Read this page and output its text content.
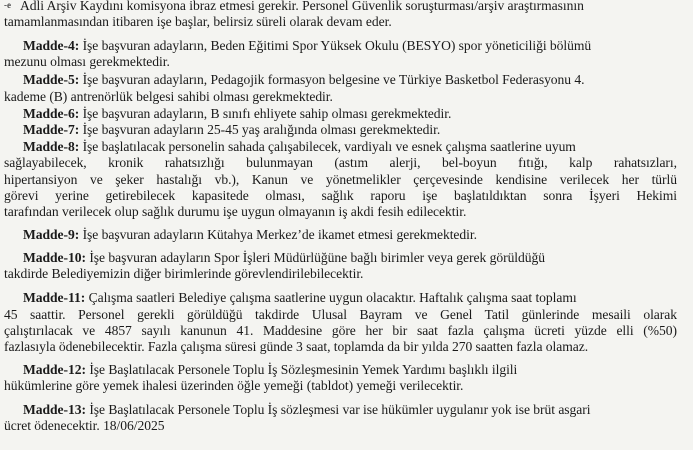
‑e Adli Arşiv Kaydını komisyona ibraz etmesi gerekir. Personel Güvenlik soruşturması/arşiv araştırmasının
tamamlanmasından itibaren işe başlar, belirsiz süreli olarak devam eder.
Madde-4: İşe başvuran adayların, Beden Eğitimi Spor Yüksek Okulu (BESYO) spor yöneticiliği bölümü
mezunu olması gerekmektedir.
Madde-5: İşe başvuran adayların, Pedagojik formasyon belgesine ve Türkiye Basketbol Federasyonu 4.
kademe (B) antrenörlük belgesi sahibi olması gerekmektedir.
Madde-6: İşe başvuran adayların, B sınıfı ehliyete sahip olması gerekmektedir.
Madde-7: İşe başvuran adayların 25-45 yaş aralığında olması gerekmektedir.
Madde-8: İşe başlatılacak personelin sahada çalışabilecek, vardiyalı ve esnek çalışma saatlerine uyum
sağlayabilecek, kronik rahatsızlığı bulunmayan (astım alerji, bel-boyun fıtığı, kalp rahatsızları,
hipertansiyon ve şeker hastalığı vb.), Kanun ve yönetmelikler çerçevesinde kendisine verilecek her türlü
görevi yerine getirebilecek kapasitede olması, sağlık raporu işe başlatıldıktan sonra İşyeri Hekimi
tarafından verilecek olup sağlık durumu işe uygun olmayanın iş akdi fesih edilecektir.
Madde-9: İşe başvuran adayların Kütahya Merkez’de ikamet etmesi gerekmektedir.
Madde-10: İşe başvuran adayların Spor İşleri Müdürlüğüne bağlı birimler veya gerek görüldüğü
takdirde Belediyemizin diğer birimlerinde görevlendirilebilecektir.
Madde-11: Çalışma saatleri Belediye çalışma saatlerine uygun olacaktır. Haftalık çalışma saat toplamı
45 saattir. Personel gerekli görüldüğü takdirde Ulusal Bayram ve Genel Tatil günlerinde mesaili olarak
çalıştırılacak ve 4857 sayılı kanunun 41. Maddesine göre her bir saat fazla çalışma ücreti yüzde elli (%50)
fazlasıyla ödenebilecektir. Fazla çalışma süresi günde 3 saat, toplamda da bir yılda 270 saatten fazla olamaz.
Madde-12: İşe Başlatılacak Personele Toplu İş Sözleşmesinin Yemek Yardımı başlıklı ilgili
hükümlerine göre yemek ihalesi üzerinden öğle yemeği (tabldot) yemeği verilecektir.
Madde-13: İşe Başlatılacak Personele Toplu İş sözleşmesi var ise hükümler uygulanır yok ise brüt asgari
ücret ödenecektir. 18/06/2025
